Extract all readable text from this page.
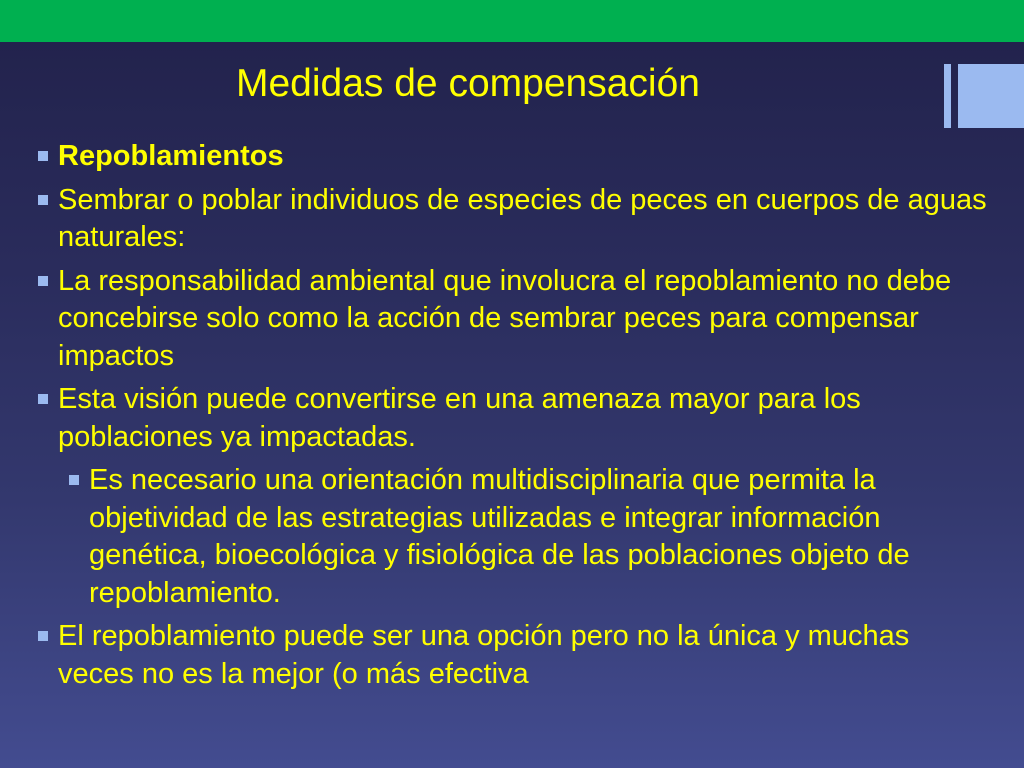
Medidas de compensación
Repoblamientos
Sembrar o poblar individuos de especies de peces en cuerpos de aguas naturales:
La responsabilidad ambiental que involucra el repoblamiento no debe concebirse solo como la acción de sembrar peces para compensar impactos
Esta visión puede convertirse en una amenaza mayor para los poblaciones ya impactadas.
Es necesario una orientación multidisciplinaria que permita la objetividad de las estrategias utilizadas e integrar información genética, bioecológica y fisiológica de las poblaciones objeto de repoblamiento.
El repoblamiento puede ser una opción pero no la única y muchas veces no es la mejor (o más efectiva
